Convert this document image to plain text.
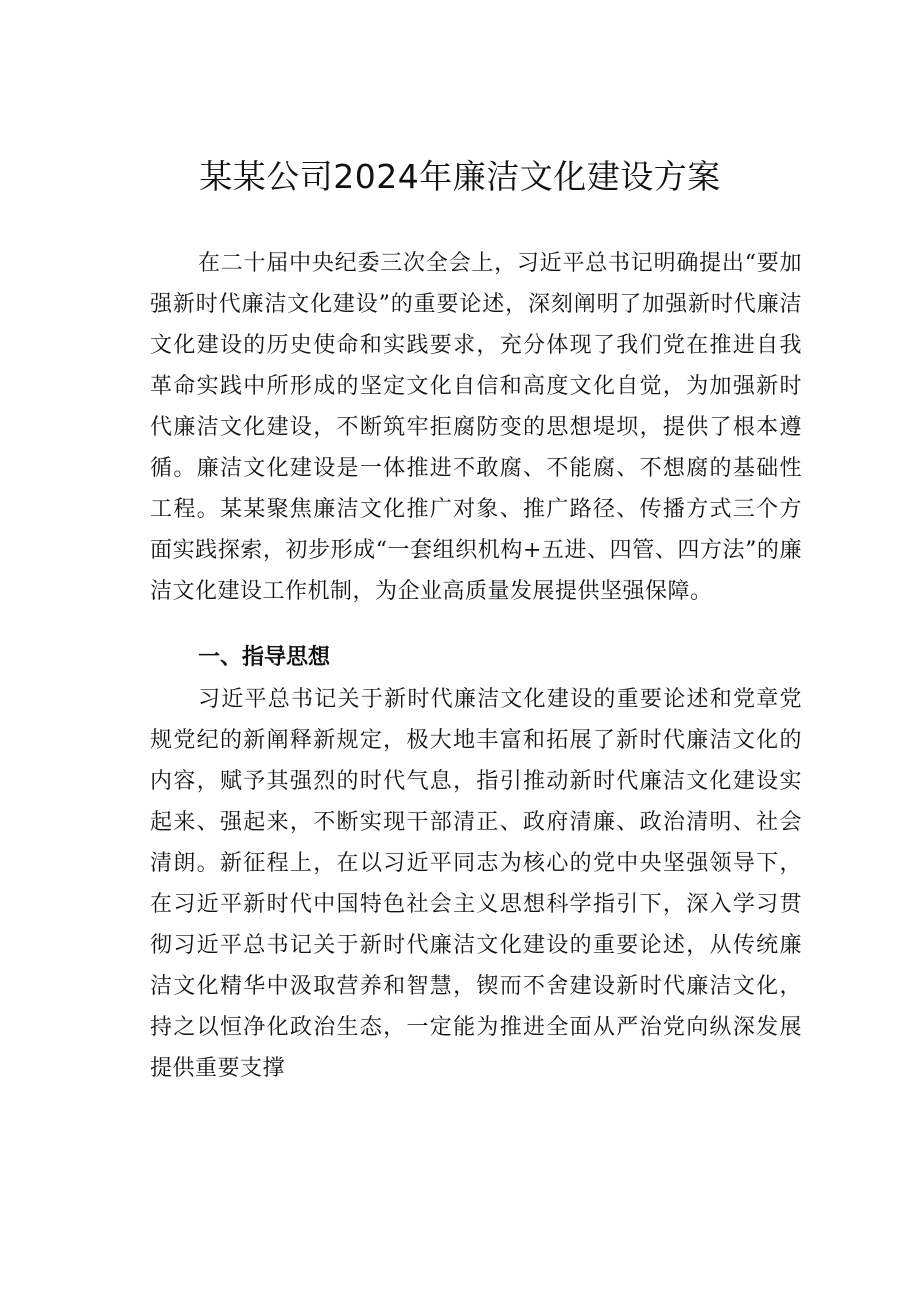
某某公司2024年廉洁文化建设方案

在二十届中央纪委三次全会上，习近平总书记明确提出“要加强新时代廉洁文化建设”的重要论述，深刻阐明了加强新时代廉洁文化建设的历史使命和实践要求，充分体现了我们党在推进自我革命实践中所形成的坚定文化自信和高度文化自觉，为加强新时代廉洁文化建设，不断筑牢拒腐防变的思想堤坝，提供了根本遵循。廉洁文化建设是一体推进不敢腐、不能腐、不想腐的基础性工程。某某聚焦廉洁文化推广对象、推广路径、传播方式三个方面实践探索，初步形成“一套组织机构+五进、四管、四方法”的廉洁文化建设工作机制，为企业高质量发展提供坚强保障。

一、指导思想

习近平总书记关于新时代廉洁文化建设的重要论述和党章党规党纪的新阐释新规定，极大地丰富和拓展了新时代廉洁文化的内容，赋予其强烈的时代气息，指引推动新时代廉洁文化建设实起来、强起来，不断实现干部清正、政府清廉、政治清明、社会清朗。新征程上，在以习近平同志为核心的党中央坚强领导下，在习近平新时代中国特色社会主义思想科学指引下，深入学习贯彻习近平总书记关于新时代廉洁文化建设的重要论述，从传统廉洁文化精华中汲取营养和智慧，锲而不舍建设新时代廉洁文化，持之以恒净化政治生态，一定能为推进全面从严治党向纵深发展提供重要支撑
